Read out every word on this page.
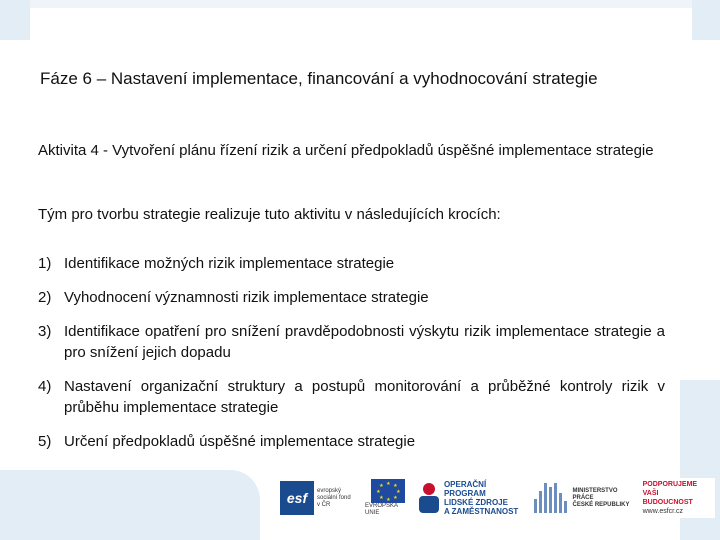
Fáze 6 – Nastavení implementace, financování a vyhodnocování strategie

Aktivita 4 - Vytvoření plánu řízení rizik a určení předpokladů úspěšné implementace strategie

Tým pro tvorbu strategie realizuje tuto aktivitu v následujících krocích:

1) Identifikace možných rizik implementace strategie
2) Vyhodnocení významnosti rizik implementace strategie
3) Identifikace opatření pro snížení pravděpodobnosti výskytu rizik implementace strategie a pro snížení jejich dopadu
4) Nastavení organizační struktury a postupů monitorování a průběžné kontroly rizik v průběhu implementace strategie
5) Určení předpokladů úspěšné implementace strategie
esf	evropský sociální fond v ČR
★ ★
★
★
★
★
★
★
EVROPSKÁ UNIE
OPERAČNÍ PROGRAM
LIDSKÉ ZDROJE
A ZAMĚSTNANOST
MINISTERSTVO PRÁCE
ČESKÉ REPUBLIKY
PODPORUJEME
VAŠI BUDOUCNOST
www.esfcr.cz
